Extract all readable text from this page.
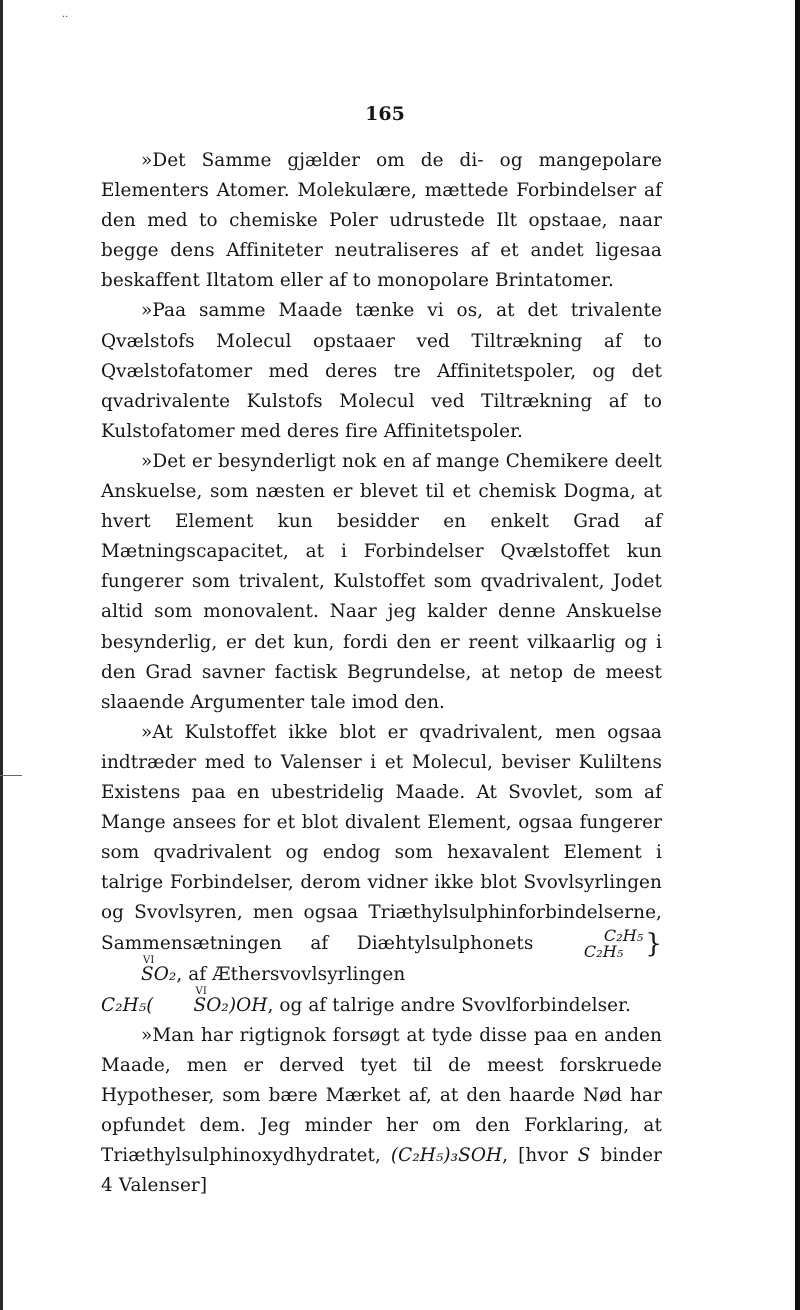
··
165

»Det Samme gjælder om de di- og mangepolare Elementers Atomer. Molekulære, mættede Forbindelser af den med to chemiske Poler udrustede Ilt opstaae, naar begge dens Affiniteter neutraliseres af et andet ligesaa beskaffent Iltatom eller af to monopolare Brintatomer.

»Paa samme Maade tænke vi os, at det trivalente Qvælstofs Molecul opstaaer ved Tiltrækning af to Qvælstofatomer med deres tre Affinitetspoler, og det qvadrivalente Kulstofs Molecul ved Tiltrækning af to Kulstofatomer med deres fire Affinitetspoler.

»Det er besynderligt nok en af mange Chemikere deelt Anskuelse, som næsten er blevet til et chemisk Dogma, at hvert Element kun besidder en enkelt Grad af Mætningscapacitet, at i Forbindelser Qvælstoffet kun fungerer som trivalent, Kulstoffet som qvadrivalent, Jodet altid som monovalent. Naar jeg kalder denne Anskuelse besynderlig, er det kun, fordi den er reent vilkaarlig og i den Grad savner factisk Begrundelse, at netop de meest slaaende Argumenter tale imod den.

»At Kulstoffet ikke blot er qvadrivalent, men ogsaa indtræder med to Valenser i et Molecul, beviser Kuliltens Existens paa en ubestridelig Maade. At Svovlet, som af Mange ansees for et blot divalent Element, ogsaa fungerer som qvadrivalent og endog som hexavalent Element i talrige Forbindelser, derom vidner ikke blot Svovlsyrlingen og Svovlsyren, men ogsaa Triæthylsulphinforbindelserne, Sammensætningen af Diæhtylsulphonets	C₂H₅
C₂H₅ }
VI
SO₂, af Æthersvovlsyrlingen
C₂H₅(
VI
SO₂)OH, og af talrige andre Svovlforbindelser.

»Man har rigtignok forsøgt at tyde disse paa en anden Maade, men er derved tyet til de meest forskruede Hypotheser, som bære Mærket af, at den haarde Nød har opfundet dem. Jeg minder her om den Forklaring, at Triæthylsulphinoxydhydratet, (C₂H₅)₃SOH, [hvor S binder 4 Valenser]
